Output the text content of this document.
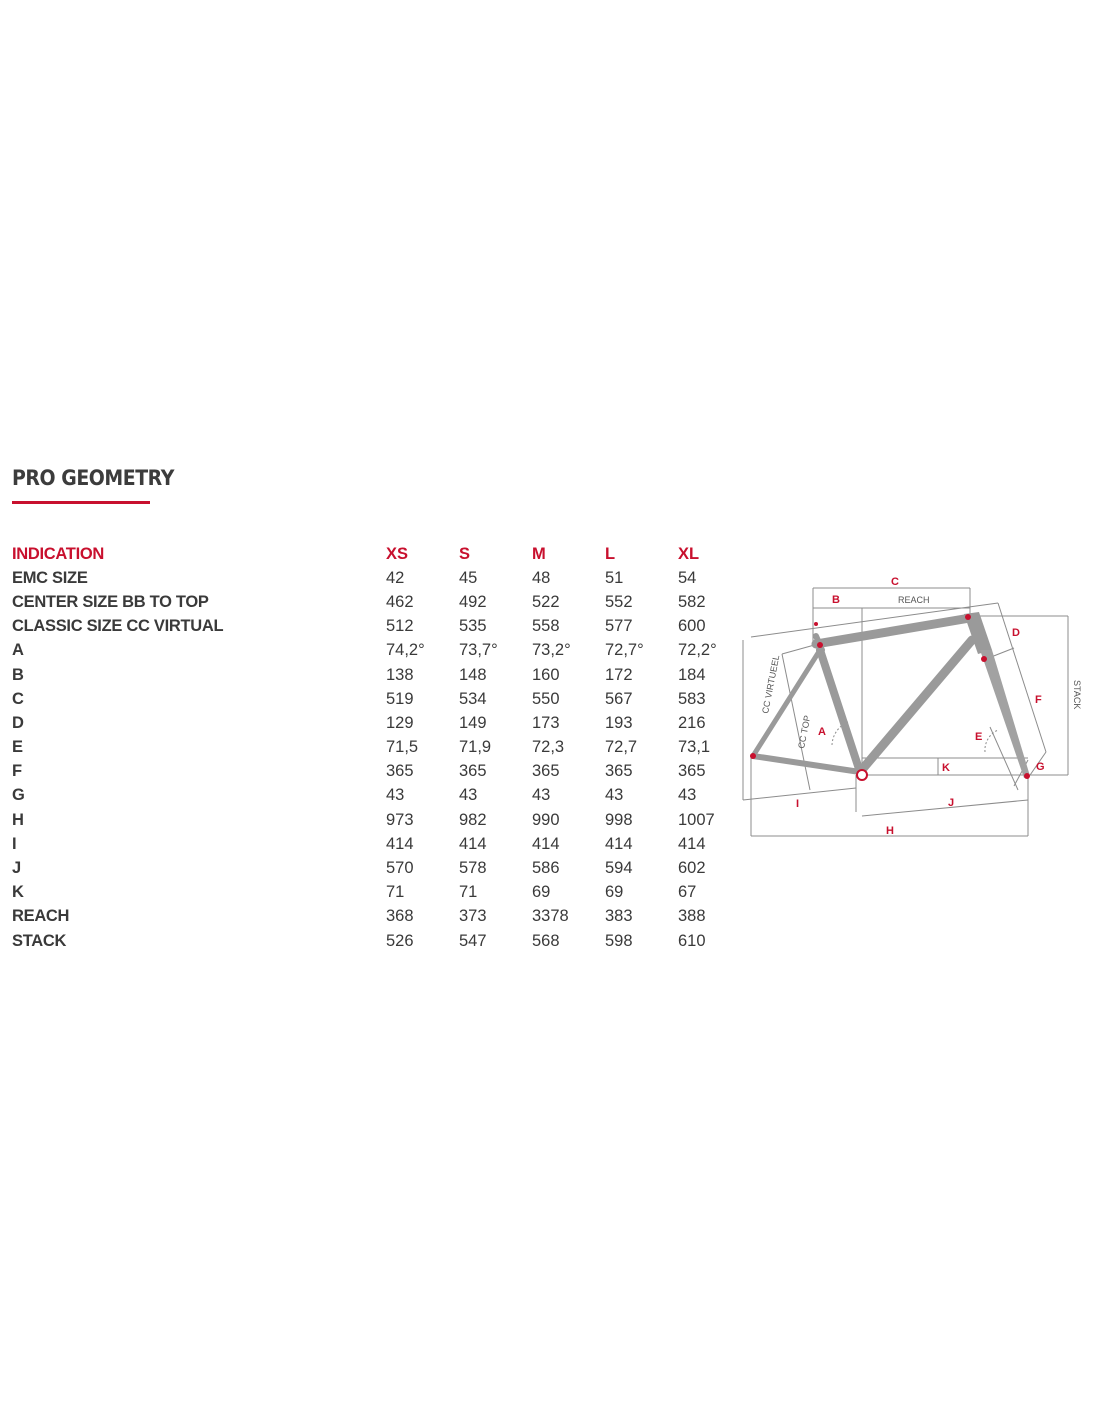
PRO GEOMETRY
INDICATION	XS	S	M	L	XL
EMC SIZE	42	45	48	51	54
CENTER SIZE BB TO TOP	462	492	522	552	582
CLASSIC SIZE CC VIRTUAL	512	535	558	577	600
A	74,2°	73,7°	73,2°	72,7°	72,2°
B	138	148	160	172	184
C	519	534	550	567	583
D	129	149	173	193	216
E	71,5	71,9	72,3	72,7	73,1
F	365	365	365	365	365
G	43	43	43	43	43
H	973	982	990	998	1007
I	414	414	414	414	414
J	570	578	586	594	602
K	71	71	69	69	67
REACH	368	373	3378	383	388
STACK	526	547	568	598	610
C
B
D
F
E
A
K	G
I	J
H
REACH
STACK
CC VIRTUEEL
CC TOP
